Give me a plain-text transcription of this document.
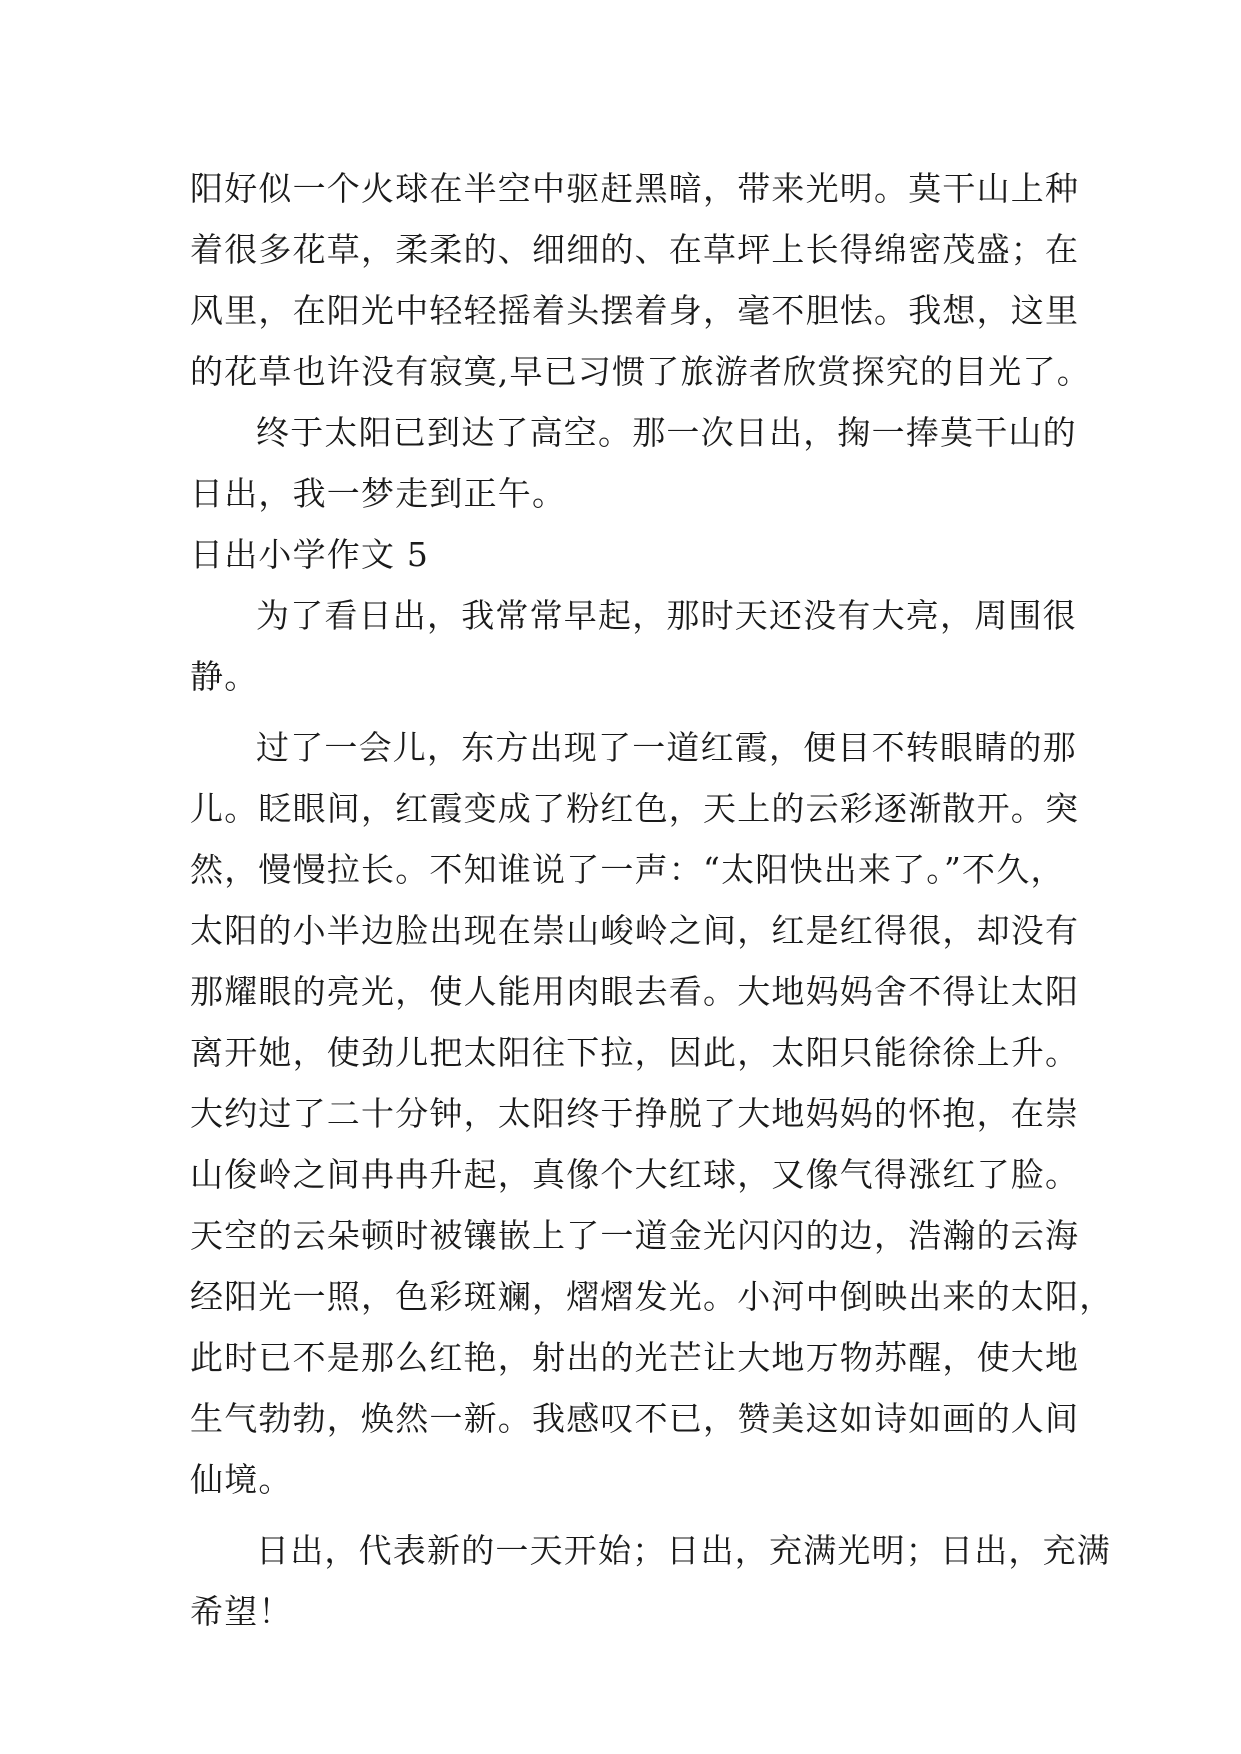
阳好似一个火球在半空中驱赶黑暗，带来光明。莫干山上种
着很多花草，柔柔的、细细的、在草坪上长得绵密茂盛；在
风里，在阳光中轻轻摇着头摆着身，毫不胆怯。我想，这里
的花草也许没有寂寞,早已习惯了旅游者欣赏探究的目光了。
终于太阳已到达了高空。那一次日出，掬一捧莫干山的
日出，我一梦走到正午。
日出小学作文 5
为了看日出，我常常早起，那时天还没有大亮，周围很
静。
过了一会儿，东方出现了一道红霞，便目不转眼睛的那
儿。眨眼间，红霞变成了粉红色，天上的云彩逐渐散开。突
然，慢慢拉长。不知谁说了一声：“太阳快出来了。”不久，
太阳的小半边脸出现在崇山峻岭之间，红是红得很，却没有
那耀眼的亮光，使人能用肉眼去看。大地妈妈舍不得让太阳
离开她，使劲儿把太阳往下拉，因此，太阳只能徐徐上升。
大约过了二十分钟，太阳终于挣脱了大地妈妈的怀抱，在崇
山俊岭之间冉冉升起，真像个大红球，又像气得涨红了脸。
天空的云朵顿时被镶嵌上了一道金光闪闪的边，浩瀚的云海
经阳光一照，色彩斑斓，熠熠发光。小河中倒映出来的太阳，
此时已不是那么红艳，射出的光芒让大地万物苏醒，使大地
生气勃勃，焕然一新。我感叹不已，赞美这如诗如画的人间
仙境。
日出，代表新的一天开始；日出，充满光明；日出，充满
希望！
